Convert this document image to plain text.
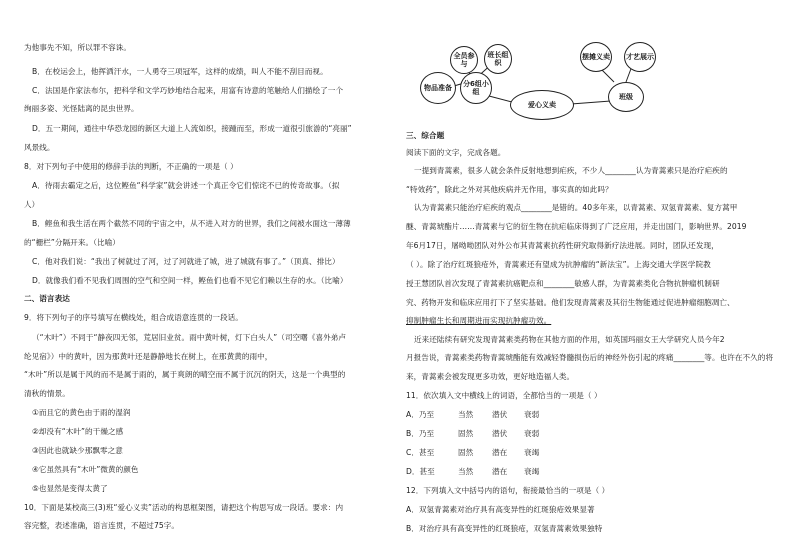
为他事先不知，所以罪不容诛。
B．在校运会上，他挥洒汗水，一人勇夺三项冠军，这样的成绩，叫人不能不刮目而视。
C．法国是作家法布尔，把科学和文学巧妙地结合起来，用富有诗意的笔触给人们描绘了一个
绚丽多姿、光怪陆离的昆虫世界。
D．五一期间，通往中华恐龙园的新区大道上人流如织，接踵而至，形成一道很引旅游的“亮丽”
风景线。
8．对下列句子中使用的修辞手法的判断，不正确的一项是（ ）
A．待雨去霸定之后，这位鲣鱼“科学家”就会讲述一个真正令它们惊诧不已的传奇故事。（拟
人）
B．鲣鱼和我生活在两个截然不同的宇宙之中，从不进入对方的世界，我们之间被水面这一薄薄
的“栅栏”分隔开来。（比喻）
C．他对我们说：“我出了树就过了河，过了河就进了城，进了城就有事了。”（顶真、排比）
D．就像我们看不见我们周围的空气和空间一样，鲣鱼们也看不见它们赖以生存的水。（比喻）
二、语言表达
9．将下列句子的序号填写在横线处，组合成语意连贯的一段话。
（“木叶”）不同于“静夜四无邻，荒居旧业贫。雨中黄叶树，灯下白头人”（司空曙《喜外弟卢
纶见宿》）中的黄叶，因为那黄叶还是静静地长在树上，在那黄黄的雨中，
“木叶”所以是属于风的而不是属于雨的，属于爽朗的晴空而不属于沉沉的阴天，这是一个典型的
清秋的情景。
①而且它的黄色由于雨的湿润
②却没有“木叶”的干燥之感
③因此也就缺少那飘零之意
④它虽然具有“木叶”微黄的颜色
⑤也显然是变得太黄了
10．下面是某校高三(3)班“爱心义卖”活动的构思框架图，请把这个构思写成一段话。要求：内
容完整，表述准确，语言连贯，不超过75字。
物品准备
全员参与
班长组织
分6组小组
爱心义卖
班级
摆摊义卖 才艺展示
三、综合题
阅读下面的文字，完成各题。
一提到青蒿素，很多人就会条件反射地想到疟疾，不少人________认为青蒿素只是治疗疟疾的
“特效药”，除此之外对其他疾病并无作用，事实真的如此吗？
认为青蒿素只能治疗疟疾的观点________是错的。40多年来，以青蒿素、双氢青蒿素、复方蒿甲
醚、青蒿琥酯片……青蒿素与它的衍生物在抗疟临床得到了广泛应用，并走出国门，影响世界。2019
年6月17日，屠呦呦团队对外公布其青蒿素抗药性研究取得新疗法进展。同时，团队还发现，
（ ）。除了治疗红斑狼疮外，青蒿素还有望成为抗肿瘤的“新法宝”。上海交通大学医学院教
授王慧团队首次发现了青蒿素抗癌靶点和________敏感人群，为青蒿素类化合物抗肿瘤机制研
究、药物开发和临床应用打下了坚实基础。他们发现青蒿素及其衍生物能通过促进肿瘤细胞凋亡、
抑制肿瘤生长和周期进而实现抗肿瘤功效。
近来还陆续有研究发现青蒿素类药物在其他方面的作用，如英国玛丽女王大学研究人员今年2
月报告说，青蒿素类药物青蒿琥酯能有效减轻脊髓损伤后的神经外伤引起的疼痛________等。也许在不久的将
来，青蒿素会被发现更多功效，更好地造福人类。
11．依次填入文中横线上的词语，全都恰当的一项是（ ）
A．乃至	当然 潜伏 衰弱
B．乃至	固然 潜伏 衰弱
C．甚至	固然 潜在 衰竭
D．甚至	当然 潜在 衰竭
12．下列填入文中括号内的语句，衔接最恰当的一项是（ ）
A．双氢青蒿素对治疗具有高变异性的红斑狼疮效果显著
B．对治疗具有高变异性的红斑狼疮，双氢青蒿素效果独特
